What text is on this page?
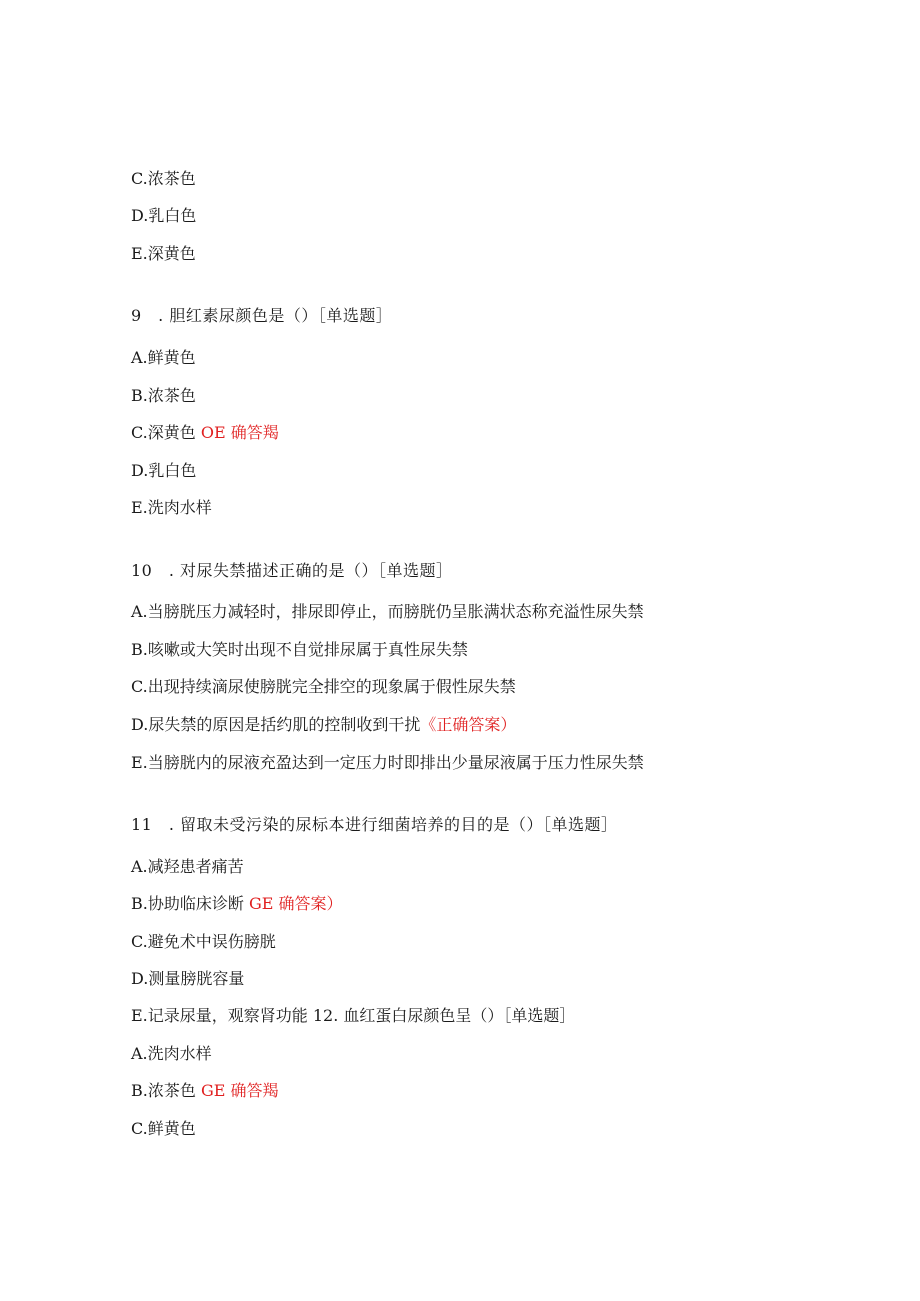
C.浓茶色
D.乳白色
E.深黄色
9　. 胆红素尿颜色是（）［单选题］
A.鲜黄色
B.浓茶色
C.深黄色 OE 确答羯
D.乳白色
E.洗肉水样
10　. 对尿失禁描述正确的是（）［单选题］
A.当膀胱压力减轻时，排尿即停止，而膀胱仍呈胀满状态称充溢性尿失禁
B.咳嗽或大笑时出现不自觉排尿属于真性尿失禁
C.出现持续滴尿使膀胱完全排空的现象属于假性尿失禁
D.尿失禁的原因是括约肌的控制收到干扰《正确答案）
E.当膀胱内的尿液充盈达到一定压力时即排出少量尿液属于压力性尿失禁
11　. 留取未受污染的尿标本进行细菌培养的目的是（）［单选题］
A.减羟患者痛苦
B.协助临床诊断 GE 确答案）
C.避免术中误伤膀胱
D.测量膀胱容量
E.记录尿量，观察肾功能 12. 血红蛋白尿颜色呈（）［单选题］
A.洗肉水样
B.浓茶色 GE 确答羯
C.鲜黄色
